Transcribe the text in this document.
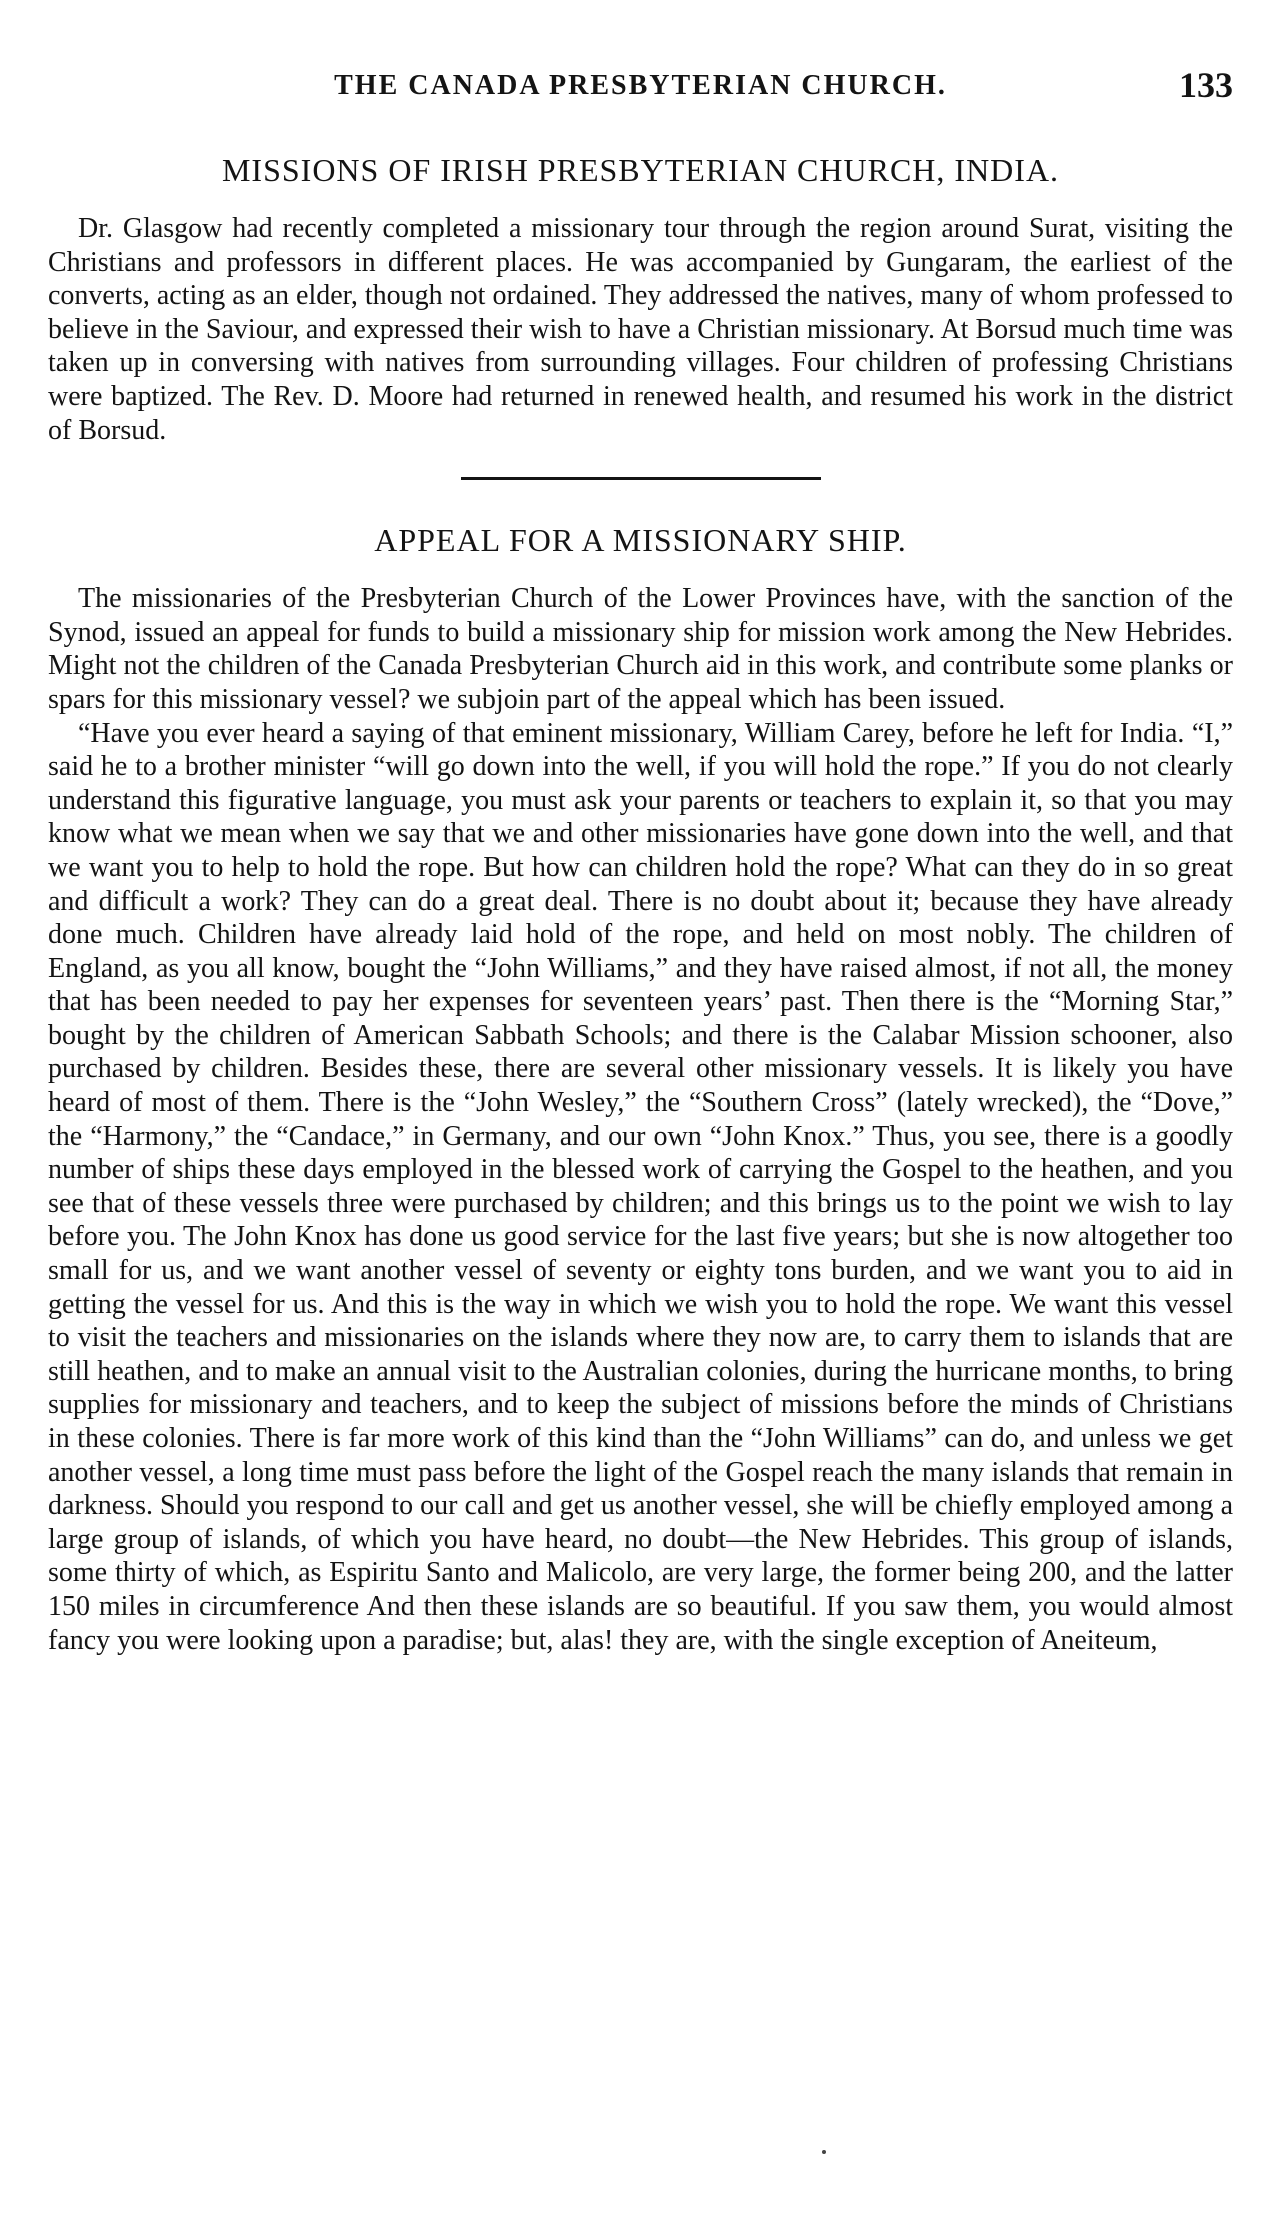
THE CANADA PRESBYTERIAN CHURCH.	133
MISSIONS OF IRISH PRESBYTERIAN CHURCH, INDIA.

Dr. Glasgow had recently completed a missionary tour through the region around Surat, visiting the Christians and professors in different places. He was accompanied by Gungaram, the earliest of the converts, acting as an elder, though not ordained. They addressed the natives, many of whom professed to believe in the Saviour, and expressed their wish to have a Christian missionary. At Borsud much time was taken up in conversing with natives from surrounding villages. Four children of professing Christians were baptized. The Rev. D. Moore had returned in renewed health, and resumed his work in the district of Borsud.

APPEAL FOR A MISSIONARY SHIP.

The missionaries of the Presbyterian Church of the Lower Provinces have, with the sanction of the Synod, issued an appeal for funds to build a missionary ship for mission work among the New Hebrides. Might not the children of the Canada Presbyterian Church aid in this work, and contribute some planks or spars for this missionary vessel? we subjoin part of the appeal which has been issued.

“Have you ever heard a saying of that eminent missionary, William Carey, before he left for India. “I,” said he to a brother minister “will go down into the well, if you will hold the rope.” If you do not clearly understand this figurative language, you must ask your parents or teachers to explain it, so that you may know what we mean when we say that we and other missionaries have gone down into the well, and that we want you to help to hold the rope. But how can children hold the rope? What can they do in so great and difficult a work? They can do a great deal. There is no doubt about it; because they have already done much. Children have already laid hold of the rope, and held on most nobly. The children of England, as you all know, bought the “John Williams,” and they have raised almost, if not all, the money that has been needed to pay her expenses for seventeen years’ past. Then there is the “Morning Star,” bought by the children of American Sabbath Schools; and there is the Calabar Mission schooner, also purchased by children. Besides these, there are several other missionary vessels. It is likely you have heard of most of them. There is the “John Wesley,” the “Southern Cross” (lately wrecked), the “Dove,” the “Harmony,” the “Candace,” in Germany, and our own “John Knox.” Thus, you see, there is a goodly number of ships these days employed in the blessed work of carrying the Gospel to the heathen, and you see that of these vessels three were purchased by children; and this brings us to the point we wish to lay before you. The John Knox has done us good service for the last five years; but she is now altogether too small for us, and we want another vessel of seventy or eighty tons burden, and we want you to aid in getting the vessel for us. And this is the way in which we wish you to hold the rope. We want this vessel to visit the teachers and missionaries on the islands where they now are, to carry them to islands that are still heathen, and to make an annual visit to the Australian colonies, during the hurricane months, to bring supplies for missionary and teachers, and to keep the subject of missions before the minds of Christians in these colonies. There is far more work of this kind than the “John Williams” can do, and unless we get another vessel, a long time must pass before the light of the Gospel reach the many islands that remain in darkness. Should you respond to our call and get us another vessel, she will be chiefly employed among a large group of islands, of which you have heard, no doubt—the New Hebrides. This group of islands, some thirty of which, as Espiritu Santo and Malicolo, are very large, the former being 200, and the latter 150 miles in circumference And then these islands are so beautiful. If you saw them, you would almost fancy you were looking upon a paradise; but, alas! they are, with the single exception of Aneiteum,
